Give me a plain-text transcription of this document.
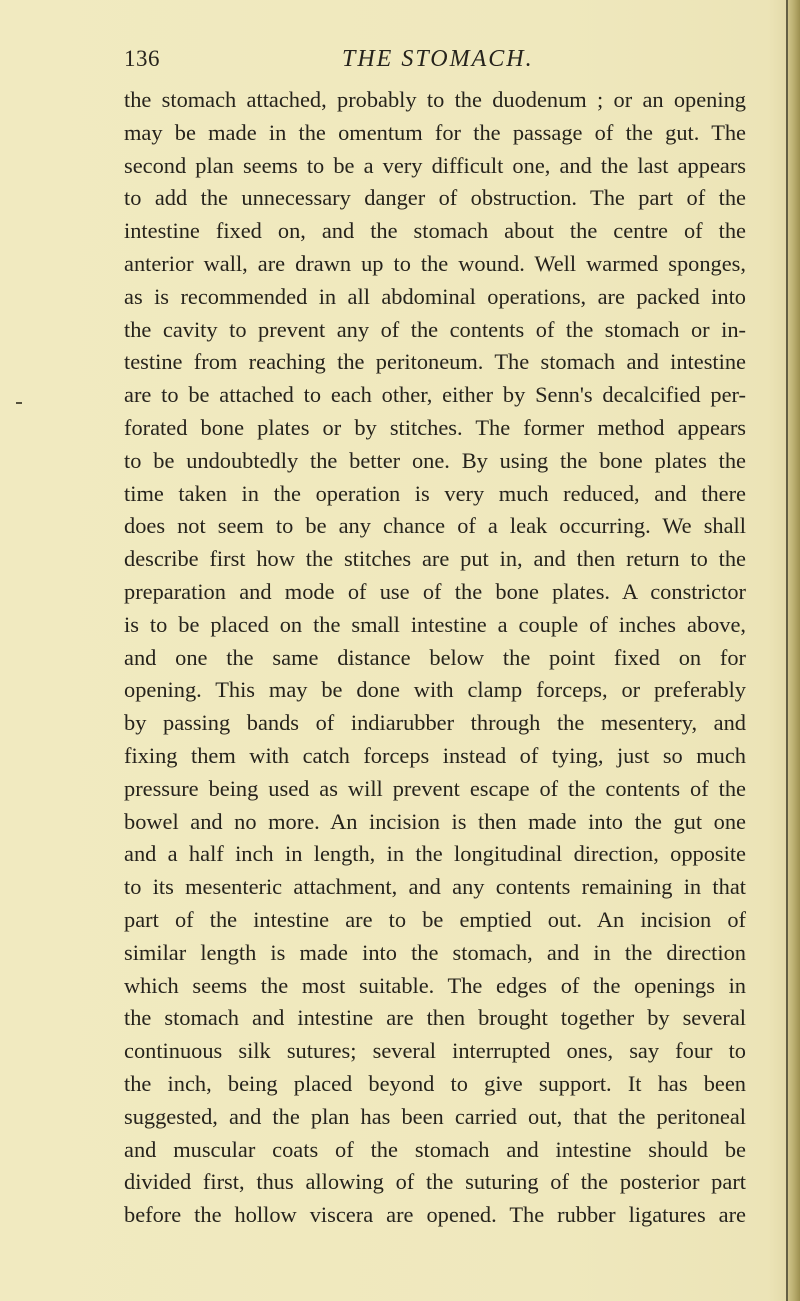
136	THE STOMACH.
the stomach attached, probably to the duodenum ; or an opening
may be made in the omentum for the passage of the gut. The
second plan seems to be a very difficult one, and the last appears
to add the unnecessary danger of obstruction. The part of the
intestine fixed on, and the stomach about the centre of the
anterior wall, are drawn up to the wound. Well warmed sponges,
as is recommended in all abdominal operations, are packed into
the cavity to prevent any of the contents of the stomach or in-
testine from reaching the peritoneum. The stomach and intestine
are to be attached to each other, either by Senn's decalcified per-
forated bone plates or by stitches. The former method appears
to be undoubtedly the better one. By using the bone plates the
time taken in the operation is very much reduced, and there
does not seem to be any chance of a leak occurring. We shall
describe first how the stitches are put in, and then return to the
preparation and mode of use of the bone plates. A constrictor
is to be placed on the small intestine a couple of inches above,
and one the same distance below the point fixed on for
opening. This may be done with clamp forceps, or preferably
by passing bands of indiarubber through the mesentery, and
fixing them with catch forceps instead of tying, just so much
pressure being used as will prevent escape of the contents of the
bowel and no more. An incision is then made into the gut one
and a half inch in length, in the longitudinal direction, opposite
to its mesenteric attachment, and any contents remaining in that
part of the intestine are to be emptied out. An incision of
similar length is made into the stomach, and in the direction
which seems the most suitable. The edges of the openings in
the stomach and intestine are then brought together by several
continuous silk sutures; several interrupted ones, say four to
the inch, being placed beyond to give support. It has been
suggested, and the plan has been carried out, that the peritoneal
and muscular coats of the stomach and intestine should be
divided first, thus allowing of the suturing of the posterior part
before the hollow viscera are opened. The rubber ligatures are
